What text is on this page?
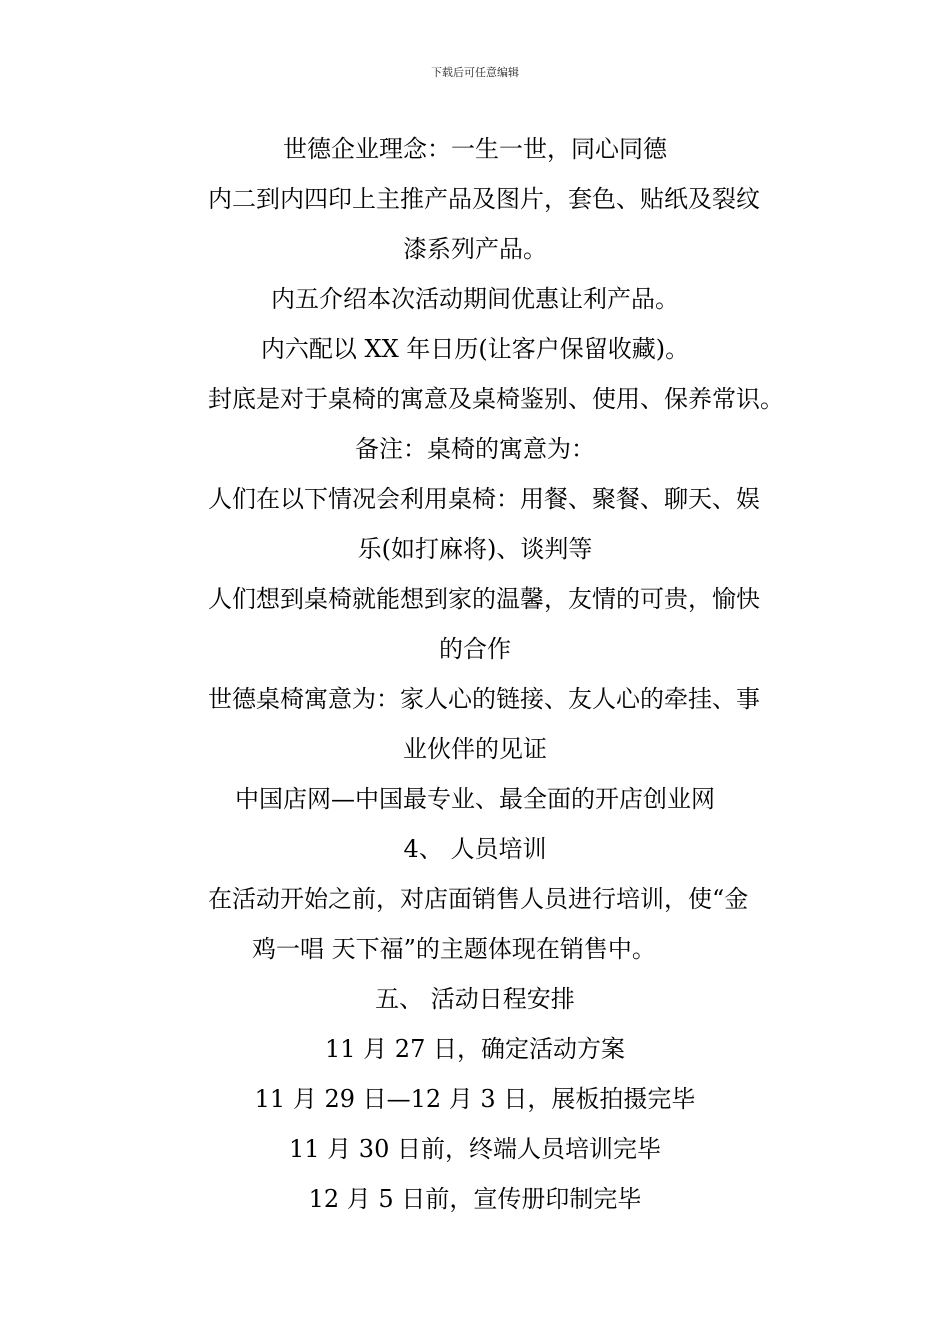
下载后可任意编辑
世德企业理念：一生一世，同心同德
内二到内四印上主推产品及图片，套色、贴纸及裂纹
漆系列产品。
内五介绍本次活动期间优惠让利产品。
内六配以 XX 年日历(让客户保留收藏)。
封底是对于桌椅的寓意及桌椅鉴别、使用、保养常识。
备注：桌椅的寓意为：
人们在以下情况会利用桌椅：用餐、聚餐、聊天、娱
乐(如打麻将)、谈判等
人们想到桌椅就能想到家的温馨，友情的可贵，愉快
的合作
世德桌椅寓意为：家人心的链接、友人心的牵挂、事
业伙伴的见证
中国店网—中国最专业、最全面的开店创业网
4、 人员培训
在活动开始之前，对店面销售人员进行培训，使“金
鸡一唱 天下福”的主题体现在销售中。
五、 活动日程安排
11 月 27 日，确定活动方案
11 月 29 日—12 月 3 日，展板拍摄完毕
11 月 30 日前，终端人员培训完毕
12 月 5 日前，宣传册印制完毕
